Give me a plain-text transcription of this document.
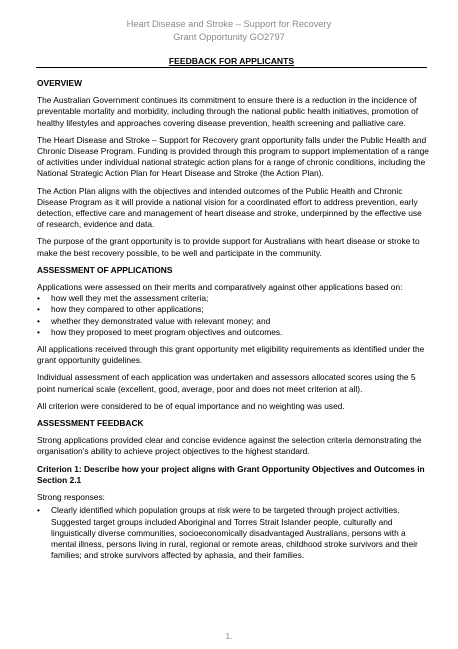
Heart Disease and Stroke – Support for Recovery
Grant Opportunity GO2797
FEEDBACK FOR APPLICANTS
OVERVIEW

The Australian Government continues its commitment to ensure there is a reduction in the incidence of preventable mortality and morbidity, including through the national public health initiatives, promotion of healthy lifestyles and approaches covering disease prevention, health screening and palliative care.

The Heart Disease and Stroke – Support for Recovery grant opportunity falls under the Public Health and Chronic Disease Program. Funding is provided through this program to support implementation of a range of activities under individual national strategic action plans for a range of chronic conditions, including the National Strategic Action Plan for Heart Disease and Stroke (the Action Plan).

The Action Plan aligns with the objectives and intended outcomes of the Public Health and Chronic Disease Program as it will provide a national vision for a coordinated effort to address prevention, early detection, effective care and management of heart disease and stroke, underpinned by the effective use of research, evidence and data.

The purpose of the grant opportunity is to provide support for Australians with heart disease or stroke to make the best recovery possible, to be well and participate in the community.

ASSESSMENT OF APPLICATIONS

Applications were assessed on their merits and comparatively against other applications based on:

• how well they met the assessment criteria;
• how they compared to other applications;
• whether they demonstrated value with relevant money; and
• how they proposed to meet program objectives and outcomes.

All applications received through this grant opportunity met eligibility requirements as identified under the grant opportunity guidelines.

Individual assessment of each application was undertaken and assessors allocated scores using the 5 point numerical scale (excellent, good, average, poor and does not meet criterion at all).

All criterion were considered to be of equal importance and no weighting was used.

ASSESSMENT FEEDBACK

Strong applications provided clear and concise evidence against the selection criteria demonstrating the organisation’s ability to achieve project objectives to the highest standard.

Criterion 1: Describe how your project aligns with Grant Opportunity Objectives and Outcomes in Section 2.1

Strong responses:

• Clearly identified which population groups at risk were to be targeted through project activities. Suggested target groups included Aboriginal and Torres Strait Islander people, culturally and linguistically diverse communities, socioeconomically disadvantaged Australians, persons with a mental illness, persons living in rural, regional or remote areas, childhood stroke survivors and their families; and stroke survivors affected by aphasia, and their families.
1.
